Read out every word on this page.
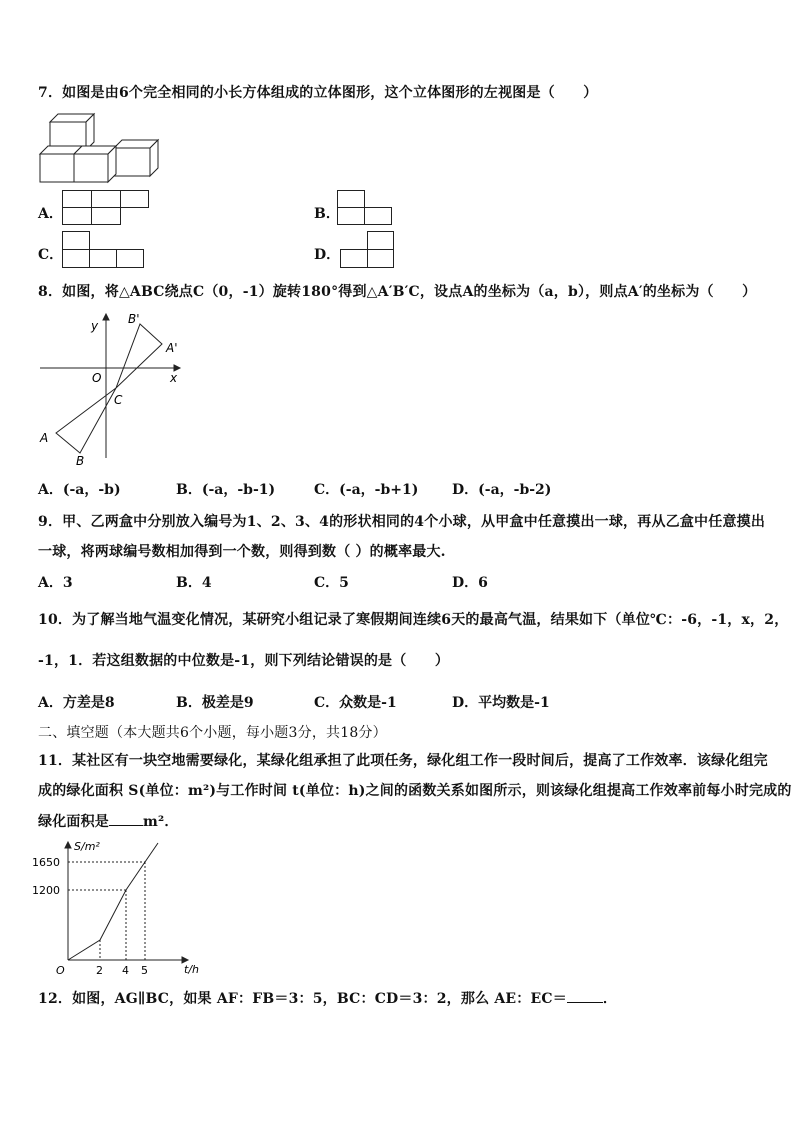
7．如图是由6个完全相同的小长方体组成的立体图形，这个立体图形的左视图是（　　）
A．	B．
C．	D．
8．如图，将△ABC绕点C（0，-1）旋转180°得到△A′B′C，设点A的坐标为（a，b），则点A′的坐标为（　　）
y
x
O
C
A
B
A'
B'
A．(-a，-b)	B．(-a，-b-1)	C．(-a，-b+1) D．(-a，-b-2)
9．甲、乙两盒中分别放入编号为1、2、3、4的形状相同的4个小球，从甲盒中任意摸出一球，再从乙盒中任意摸出
一球，将两球编号数相加得到一个数，则得到数（ ）的概率最大.
A．3	B．4	C．5	D．6
10．为了解当地气温变化情况，某研究小组记录了寒假期间连续6天的最高气温，结果如下（单位℃：-6，-1，x，2，
-1，1．若这组数据的中位数是-1，则下列结论错误的是（　　）
A．方差是8	B．极差是9	C．众数是-1	D．平均数是-1
二、填空题（本大题共6个小题，每小题3分，共18分）
11．某社区有一块空地需要绿化，某绿化组承担了此项任务，绿化组工作一段时间后，提高了工作效率．该绿化组完
成的绿化面积 S(单位：m²)与工作时间 t(单位：h)之间的函数关系如图所示，则该绿化组提高工作效率前每小时完成的
绿化面积是 m²．
S/m²
t/h
O
1650
1200
2 4 5
12．如图，AG∥BC，如果 AF：FB＝3：5，BC：CD＝3：2，那么 AE：EC＝	．
